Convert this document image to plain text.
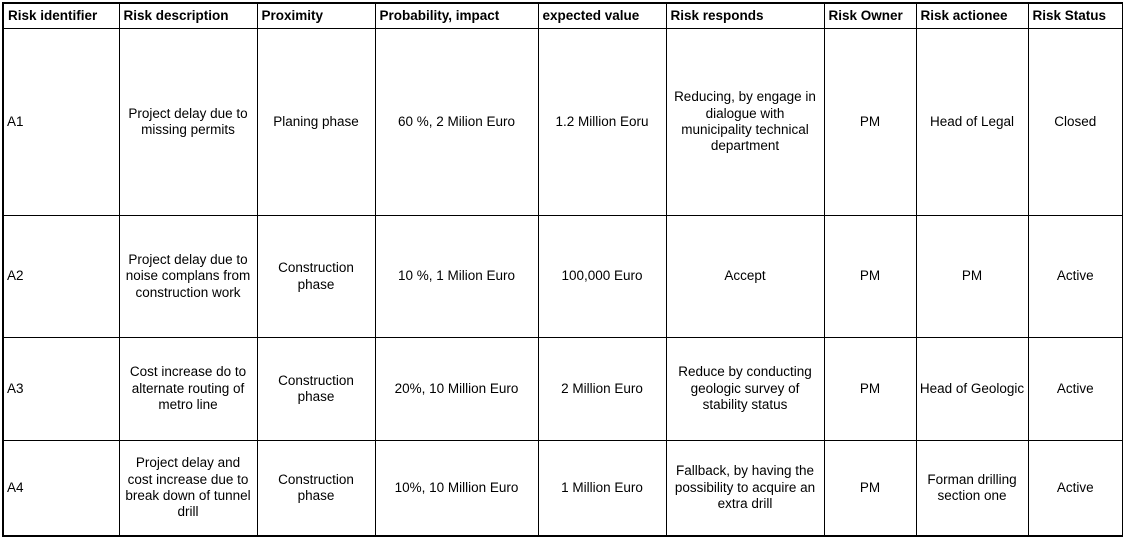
Risk identifier	Risk description	Proximity	Probability, impact	expected value	Risk responds	Risk Owner	Risk actionee	Risk Status
A1	Project delay due to missing permits	Planing phase	60 %, 2 Milion Euro	1.2 Million Eoru	Reducing, by engage in dialogue with municipality technical department	PM	Head of Legal	Closed
A2	Project delay due to noise complans from construction work	Construction phase	10 %, 1 Milion Euro	100,000 Euro	Accept	PM	PM	Active
A3	Cost increase do to alternate routing of metro line	Construction phase	20%, 10 Million Euro	2 Million Euro	Reduce by conducting geologic survey of stability status	PM	Head of Geologic	Active
A4	Project delay and cost increase due to break down of tunnel drill	Construction phase	10%, 10 Million Euro	1 Million Euro	Fallback, by having the possibility to acquire an extra drill	PM	Forman drilling section one	Active
